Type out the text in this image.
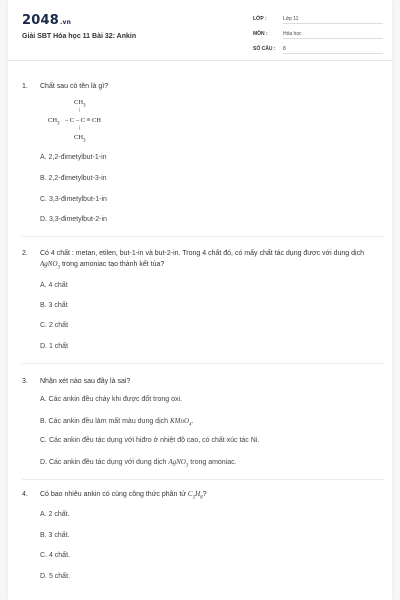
2048.vn
Giải SBT Hóa học 11 Bài 32: Ankin
LỚP :	Lớp 11
MÔN :	Hóa học
SỐ CÂU : 8
1. Chất sau có tên là gì?
$CH_3$
|
$CH_3$ – C – C ≡ CH
|
$CH_3$
A. 2,2-đimetylbut-1-in
B. 2,2-đimetylbut-3-in
C. 3,3-đimetylbut-1-in
D. 3,3-đimetylbut-2-in
2. Có 4 chất : metan, etilen, but-1-in và but-2-in. Trong 4 chất đó, có mấy chất tác dụng được với dung dịch AgNO$_3$ trong amoniac tạo thành kết tủa?
A. 4 chất
B. 3 chất
C. 2 chất
D. 1 chất
3. Nhận xét nào sau đây là sai?
A. Các ankin đều cháy khi được đốt trong oxi.
B. Các ankin đều làm mất màu dung dịch KMnO$_4$.
C. Các ankin đều tác dụng với hiđro ở nhiệt độ cao, có chất xúc tác Ni.
D. Các ankin đều tác dụng với dung dịch AgNO$_3$ trong amoniac.
4. Có bao nhiêu ankin có cùng công thức phân tử $C_5H_8$?
A. 2 chất.
B. 3 chất.
C. 4 chất.
D. 5 chất.
